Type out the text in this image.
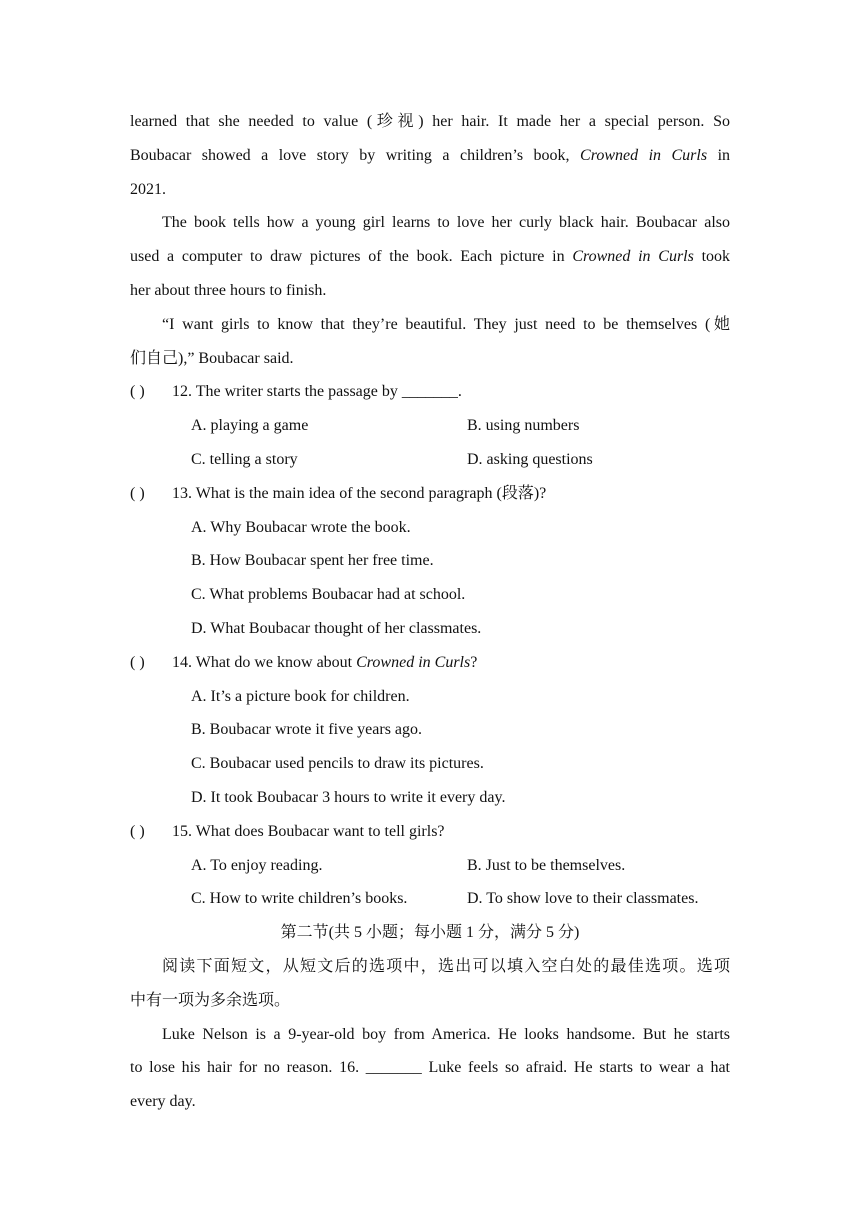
learned that she needed to value (珍视) her hair. It made her a special person. So
Boubacar showed a love story by writing a children’s book, Crowned in Curls in
2021.
The book tells how a young girl learns to love her curly black hair. Boubacar also
used a computer to draw pictures of the book. Each picture in Crowned in Curls took
her about three hours to finish.
“I want girls to know that they’re beautiful. They just need to be themselves (她
们自己),” Boubacar said.
( ) 12. The writer starts the passage by _______.
A. playing a game	B. using numbers
C. telling a story	D. asking questions
( ) 13. What is the main idea of the second paragraph (段落)?
A. Why Boubacar wrote the book.
B. How Boubacar spent her free time.
C. What problems Boubacar had at school.
D. What Boubacar thought of her classmates.
( ) 14. What do we know about Crowned in Curls?
A. It’s a picture book for children.
B. Boubacar wrote it five years ago.
C. Boubacar used pencils to draw its pictures.
D. It took Boubacar 3 hours to write it every day.
( ) 15. What does Boubacar want to tell girls?
A. To enjoy reading.	B. Just to be themselves.
C. How to write children’s books.	D. To show love to their classmates.
第二节(共 5 小题；每小题 1 分，满分 5 分)
阅读下面短文，从短文后的选项中，选出可以填入空白处的最佳选项。选项
中有一项为多余选项。
Luke Nelson is a 9-year-old boy from America. He looks handsome. But he starts
to lose his hair for no reason. 16. _______ Luke feels so afraid. He starts to wear a hat
every day.
